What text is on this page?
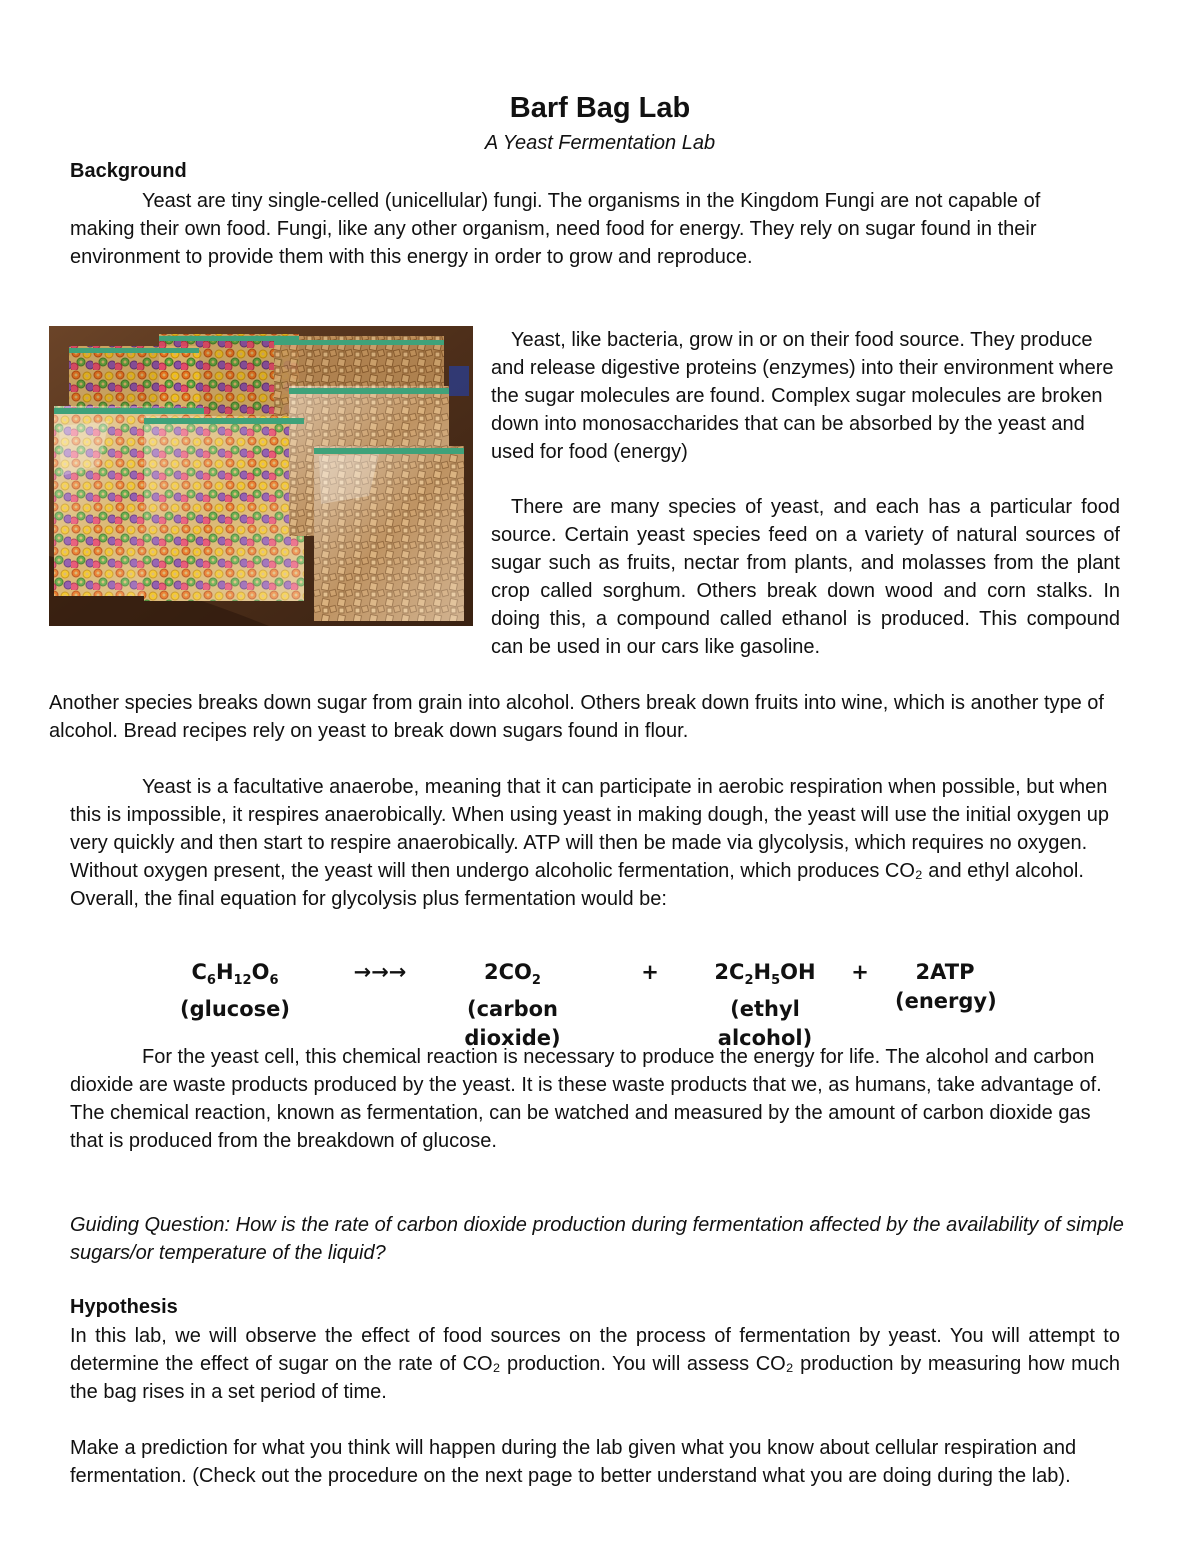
Barf Bag Lab
A Yeast Fermentation Lab
Background

Yeast are tiny single-celled (unicellular) fungi. The organisms in the Kingdom Fungi are not capable of making their own food. Fungi, like any other organism, need food for energy. They rely on sugar found in their environment to provide them with this energy in order to grow and reproduce.

Yeast, like bacteria, grow in or on their food source. They produce and release digestive proteins (enzymes) into their environment where the sugar molecules are found. Complex sugar molecules are broken down into monosaccharides that can be absorbed by the yeast and used for food (energy)

There are many species of yeast, and each has a particular food source. Certain yeast species feed on a variety of natural sources of sugar such as fruits, nectar from plants, and molasses from the plant crop called sorghum. Others break down wood and corn stalks. In doing this, a compound called ethanol is produced. This compound can be used in our cars like gasoline.

Another species breaks down sugar from grain into alcohol. Others break down fruits into wine, which is another type of alcohol. Bread recipes rely on yeast to break down sugars found in flour.

Yeast is a facultative anaerobe, meaning that it can participate in aerobic respiration when possible, but when this is impossible, it respires anaerobically. When using yeast in making dough, the yeast will use the initial oxygen up very quickly and then start to respire anaerobically. ATP will then be made via glycolysis, which requires no oxygen. Without oxygen present, the yeast will then undergo alcoholic fermentation, which produces CO₂ and ethyl alcohol. Overall, the final equation for glycolysis plus fermentation would be:

$C_6H_{12}O_6$
(glucose)
→→→	$2CO_2$
(carbon dioxide)
+	$2C_2H_5OH$
(ethyl alcohol)
+	2ATP
(energy)

For the yeast cell, this chemical reaction is necessary to produce the energy for life. The alcohol and carbon dioxide are waste products produced by the yeast. It is these waste products that we, as humans, take advantage of. The chemical reaction, known as fermentation, can be watched and measured by the amount of carbon dioxide gas that is produced from the breakdown of glucose.

Guiding Question: How is the rate of carbon dioxide production during fermentation affected by the availability of simple sugars/or temperature of the liquid?

Hypothesis

In this lab, we will observe the effect of food sources on the process of fermentation by yeast. You will attempt to determine the effect of sugar on the rate of CO₂ production. You will assess CO₂ production by measuring how much the bag rises in a set period of time.

Make a prediction for what you think will happen during the lab given what you know about cellular respiration and fermentation. (Check out the procedure on the next page to better understand what you are doing during the lab).
